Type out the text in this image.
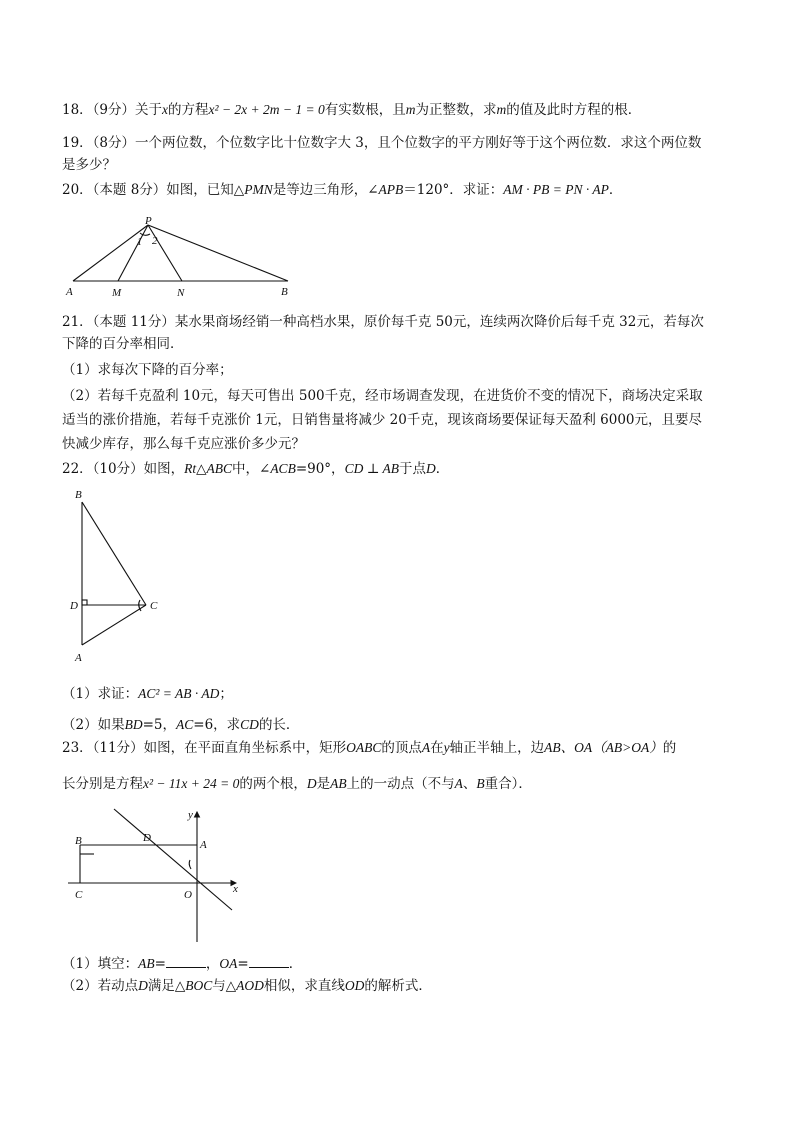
18．（9分）关于x的方程x² − 2x + 2m − 1 = 0有实数根，且m为正整数，求m的值及此时方程的根．
19．（8分）一个两位数，个位数字比十位数字大 3，且个位数字的平方刚好等于这个两位数．求这个两位数
是多少？
20．（本题 8分）如图，已知△PMN是等边三角形，∠APB＝120°．求证：AM · PB = PN · AP．
P
1 2
A	M	N	B
21．（本题 11分）某水果商场经销一种高档水果，原价每千克 50元，连续两次降价后每千克 32元，若每次
下降的百分率相同．
（1）求每次下降的百分率；
（2）若每千克盈利 10元，每天可售出 500千克，经市场调查发现，在进货价不变的情况下，商场决定采取
适当的涨价措施，若每千克涨价 1元，日销售量将减少 20千克，现该商场要保证每天盈利 6000元，且要尽
快减少库存，那么每千克应涨价多少元？
22．（10分）如图，Rt△ABC中，∠ACB=90°，CD ⊥ AB于点D．
B
D	C
A
（1）求证：AC² = AB · AD；
（2）如果BD=5，AC=6，求CD的长．
23．（11分）如图，在平面直角坐标系中，矩形OABC的顶点A在y轴正半轴上，边AB、OA（AB>OA）的
长分别是方程x² − 11x + 24 = 0的两个根，D是AB上的一动点（不与A、B重合）．
y
x
B	D
A
C	O
（1）填空：AB=	，OA=	．
（2）若动点D满足△BOC与△AOD相似，求直线OD的解析式．
